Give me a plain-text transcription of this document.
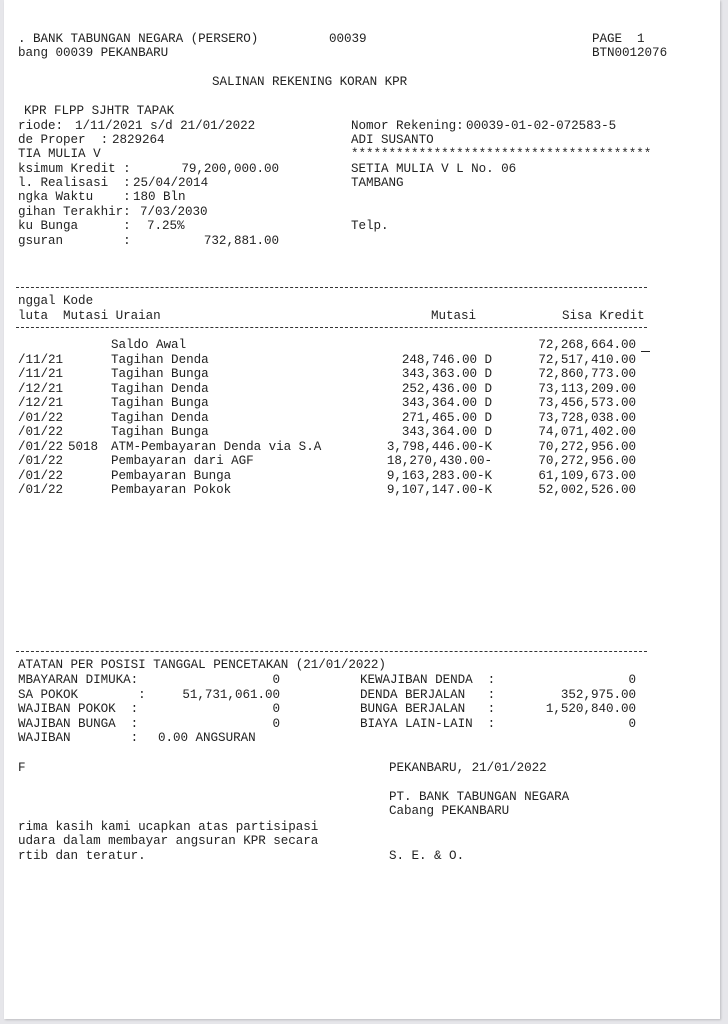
. BANK TABUNGAN NEGARA (PERSERO)	00039	PAGE  1
bang 00039 PEKANBARU	BTN0012076
SALINAN REKENING KORAN KPR
KPR FLPP SJHTR TAPAK
riode: 1/11/2021 s/d 21/01/2022
de Proper  : 2829264
TIA MULIA V
ksimum Kredit :	79,200,000.00
l. Realisasi  : 25/04/2014
ngka Waktu    : 180 Bln
gihan Terakhir: 7/03/2030
ku Bunga      : 7.25%
gsuran        :	732,881.00
Nomor Rekening: 00039-01-02-072583-5
ADI SUSANTO
****************************************
SETIA MULIA V L No. 06
TAMBANG
Telp.
nggal Kode
luta  Mutasi Uraian	Mutasi	Sisa Kredit
Saldo Awal	72,268,664.00
/11/21	Tagihan Denda	248,746.00 D	72,517,410.00
/11/21	Tagihan Bunga	343,363.00 D	72,860,773.00
/12/21	Tagihan Denda	252,436.00 D	73,113,209.00
/12/21	Tagihan Bunga	343,364.00 D	73,456,573.00
/01/22	Tagihan Denda	271,465.00 D	73,728,038.00
/01/22	Tagihan Bunga	343,364.00 D	74,071,402.00
/01/22 5018 ATM-Pembayaran Denda via S.A	3,798,446.00-K	70,272,956.00
/01/22	Pembayaran dari AGF	18,270,430.00-	70,272,956.00
/01/22	Pembayaran Bunga	9,163,283.00-K	61,109,673.00
/01/22	Pembayaran Pokok	9,107,147.00-K	52,002,526.00
ATATAN PER POSISI TANGGAL PENCETAKAN (21/01/2022)
MBAYARAN DIMUKA:	0
SA POKOK        :	51,731,061.00
WAJIBAN POKOK  :	0
WAJIBAN BUNGA  :	0
WAJIBAN        : 0.00 ANGSURAN
KEWAJIBAN DENDA  :	0
DENDA BERJALAN   :	352,975.00
BUNGA BERJALAN   :	1,520,840.00
BIAYA LAIN-LAIN  :	0
F	PEKANBARU, 21/01/2022
PT. BANK TABUNGAN NEGARA
Cabang PEKANBARU
rima kasih kami ucapkan atas partisipasi
udara dalam membayar angsuran KPR secara
rtib dan teratur.	S. E. & O.
